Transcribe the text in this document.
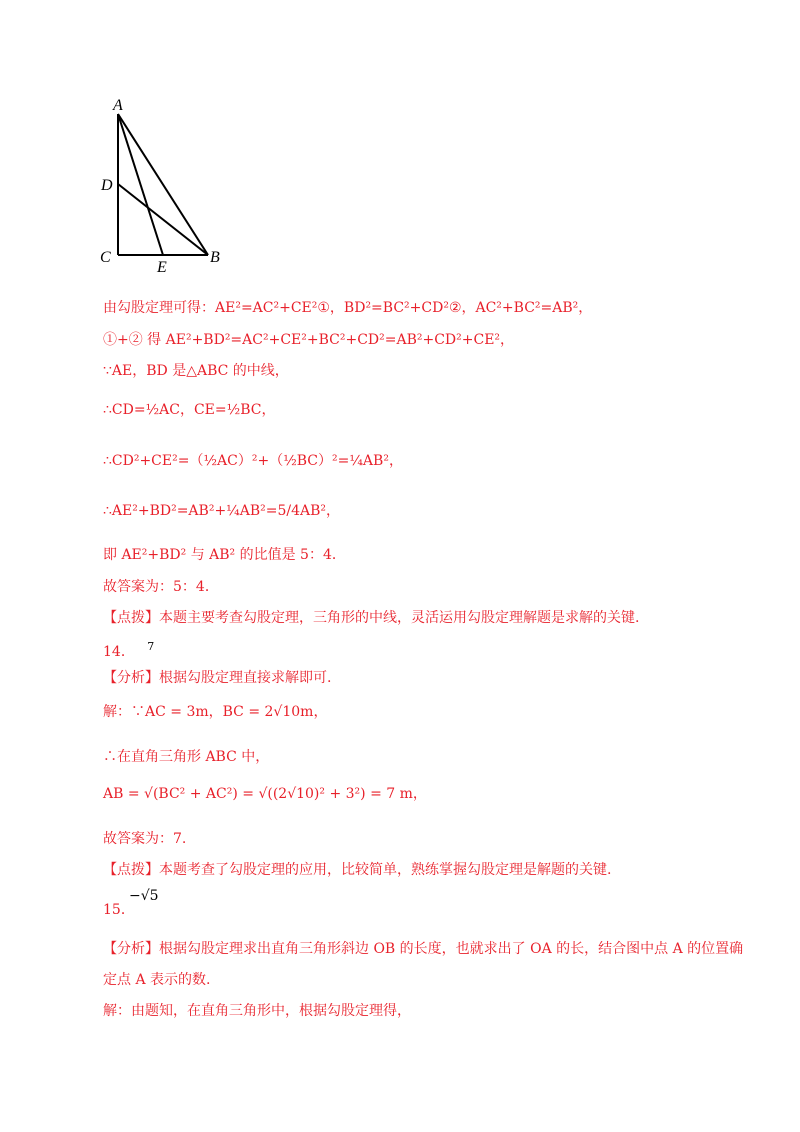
A
D
C
E
B
由勾股定理可得：AE²=AC²+CE²①，BD²=BC²+CD²②，AC²+BC²=AB²，
①+② 得 AE²+BD²=AC²+CE²+BC²+CD²=AB²+CD²+CE²，
∵AE，BD 是△ABC 的中线，
∴CD=½AC，CE=½BC，
∴CD²+CE²=（½AC）²+（½BC）²=¼AB²，
∴AE²+BD²=AB²+¼AB²=5/4AB²，
即 AE²+BD² 与 AB² 的比值是 5：4．
故答案为：5：4．
【点拨】本题主要考查勾股定理，三角形的中线，灵活运用勾股定理解题是求解的关键.
14． $^7$
【分析】根据勾股定理直接求解即可.
解：∵AC = 3m，BC = 2√10m，
∴在直角三角形 ABC 中，
AB = √(BC² + AC²) = √((2√10)² + 3²) = 7 m，
故答案为：7.
【点拨】本题考查了勾股定理的应用，比较简单，熟练掌握勾股定理是解题的关键.
15．
−√5
【分析】根据勾股定理求出直角三角形斜边 OB 的长度，也就求出了 OA 的长，结合图中点 A 的位置确
定点 A 表示的数.
解：由题知，在直角三角形中，根据勾股定理得，
